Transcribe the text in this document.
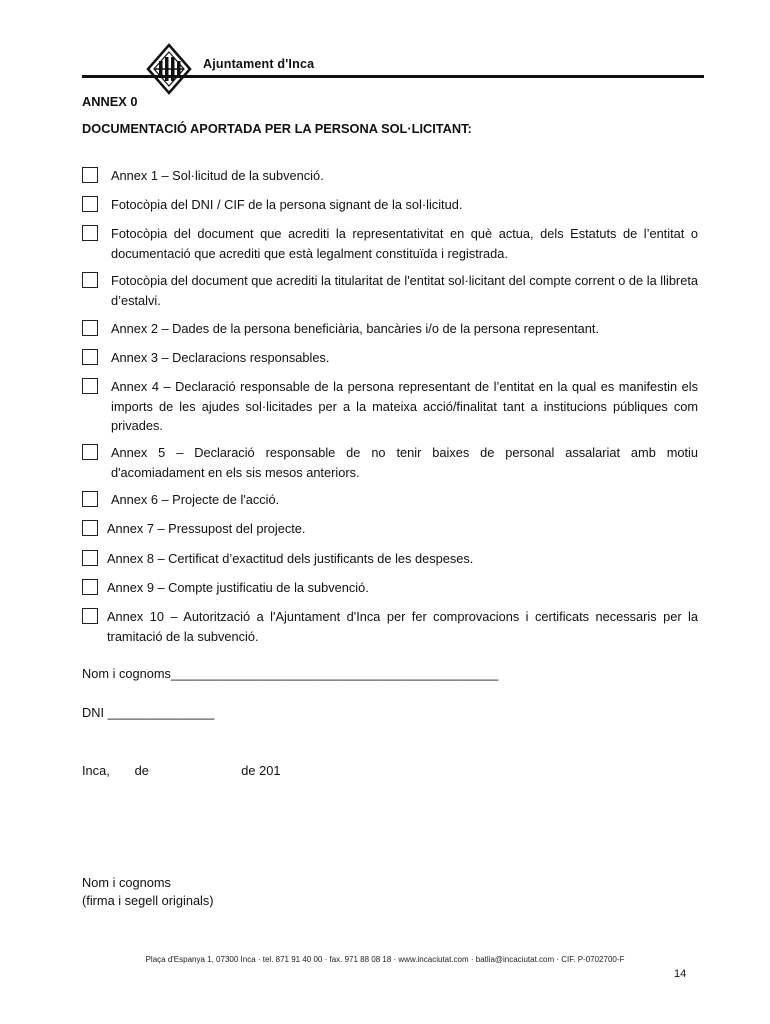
Ajuntament d'Inca
ANNEX 0
DOCUMENTACIÓ APORTADA PER LA PERSONA SOL·LICITANT:
Annex 1 – Sol·licitud de la subvenció.
Fotocòpia del DNI / CIF de la persona signant de la sol·licitud.
Fotocòpia del document que acrediti la representativitat en què actua, dels Estatuts de l’entitat o documentació que acrediti que està legalment constituïda i registrada.
Fotocòpia del document que acrediti la titularitat de l'entitat sol·licitant del compte corrent o de la llibreta d’estalvi.
Annex 2 – Dades de la persona beneficiària, bancàries i/o de la persona representant.
Annex 3 – Declaracions responsables.
Annex 4 – Declaració responsable de la persona representant de l’entitat en la qual es manifestin els imports de les ajudes sol·licitades per a la mateixa acció/finalitat tant a institucions públiques com privades.
Annex 5 – Declaració responsable de no tenir baixes de personal assalariat amb motiu d'acomiadament en els sis mesos anteriors.
Annex 6 – Projecte de l'acció.
Annex 7 – Pressupost del projecte.
Annex 8 – Certificat d’exactitud dels justificants de les despeses.
Annex 9 – Compte justificatiu de la subvenció.
Annex 10 – Autorització a l'Ajuntament d'Inca per fer comprovacions i certificats necessaris per la tramitació de la subvenció.
Nom i cognoms______________________________________________
DNI _______________
Inca,       de                          de 201
Nom i cognoms
(firma i segell originals)
Plaça d'Espanya 1, 07300 Inca · tel. 871 91 40 00 · fax. 971 88 08 18 · www.incaciutat.com · batlia@incaciutat.com · CIF. P-0702700-F
14
